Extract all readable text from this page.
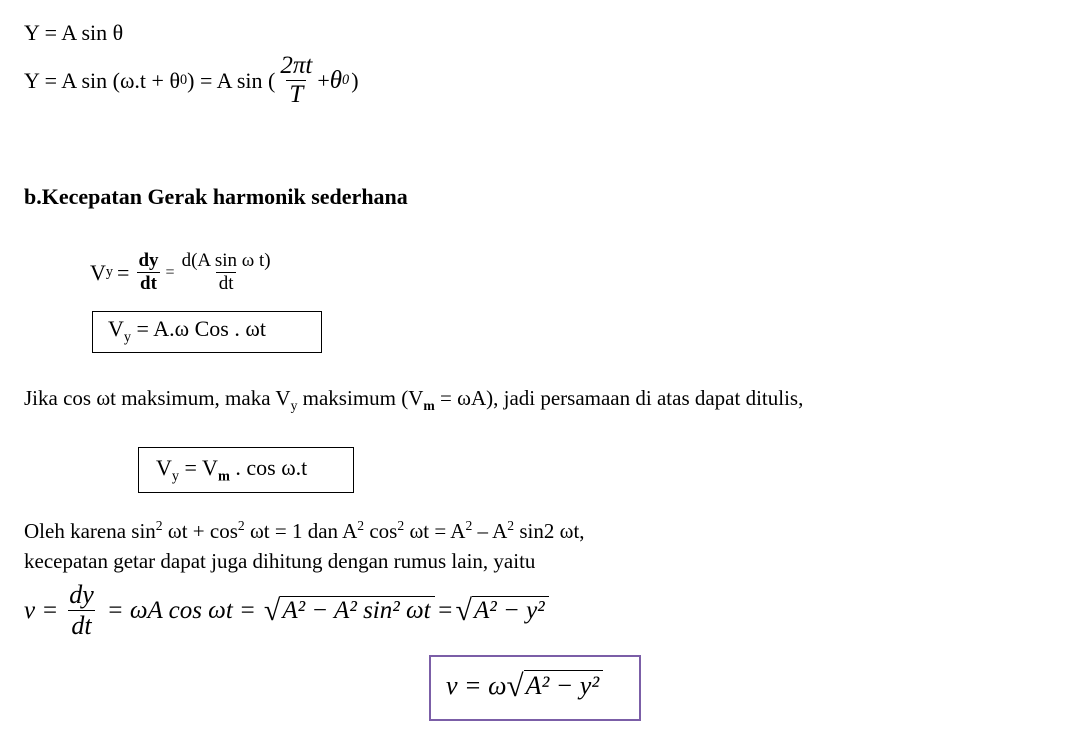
Y = A sin θ
Y = A sin (ω.t + θ 0 ) = A sin ( $\frac{2\pi t}{T} + \theta$ 0 )
b.Kecepatan Gerak harmonik sederhana
V $y = \frac{dy}{dt} = \frac{\text{d(A sin ω t)}}{dt}$
$V_y = A.\omega$ Cos . ωt
Jika cos ωt maksimum, maka $V_y$ maksimum $(V_m = \omega A)$, jadi persamaan di atas dapat ditulis,
$V_y = V_m$ . cos ω.t
Oleh karena $\sin^2 \omega t + \cos^2 \omega t = 1$ dan $A^2$ $\cos^2 \omega t = A^2 - A^2$ sin2 ωt,
kecepatan getar dapat juga dihitung dengan rumus lain, yaitu
$v = \frac{dy}{dt} = \omega A$ cos ωt = √ A² − A² sin² ωt = √ A² − y²
v = ω √ A² − y²
